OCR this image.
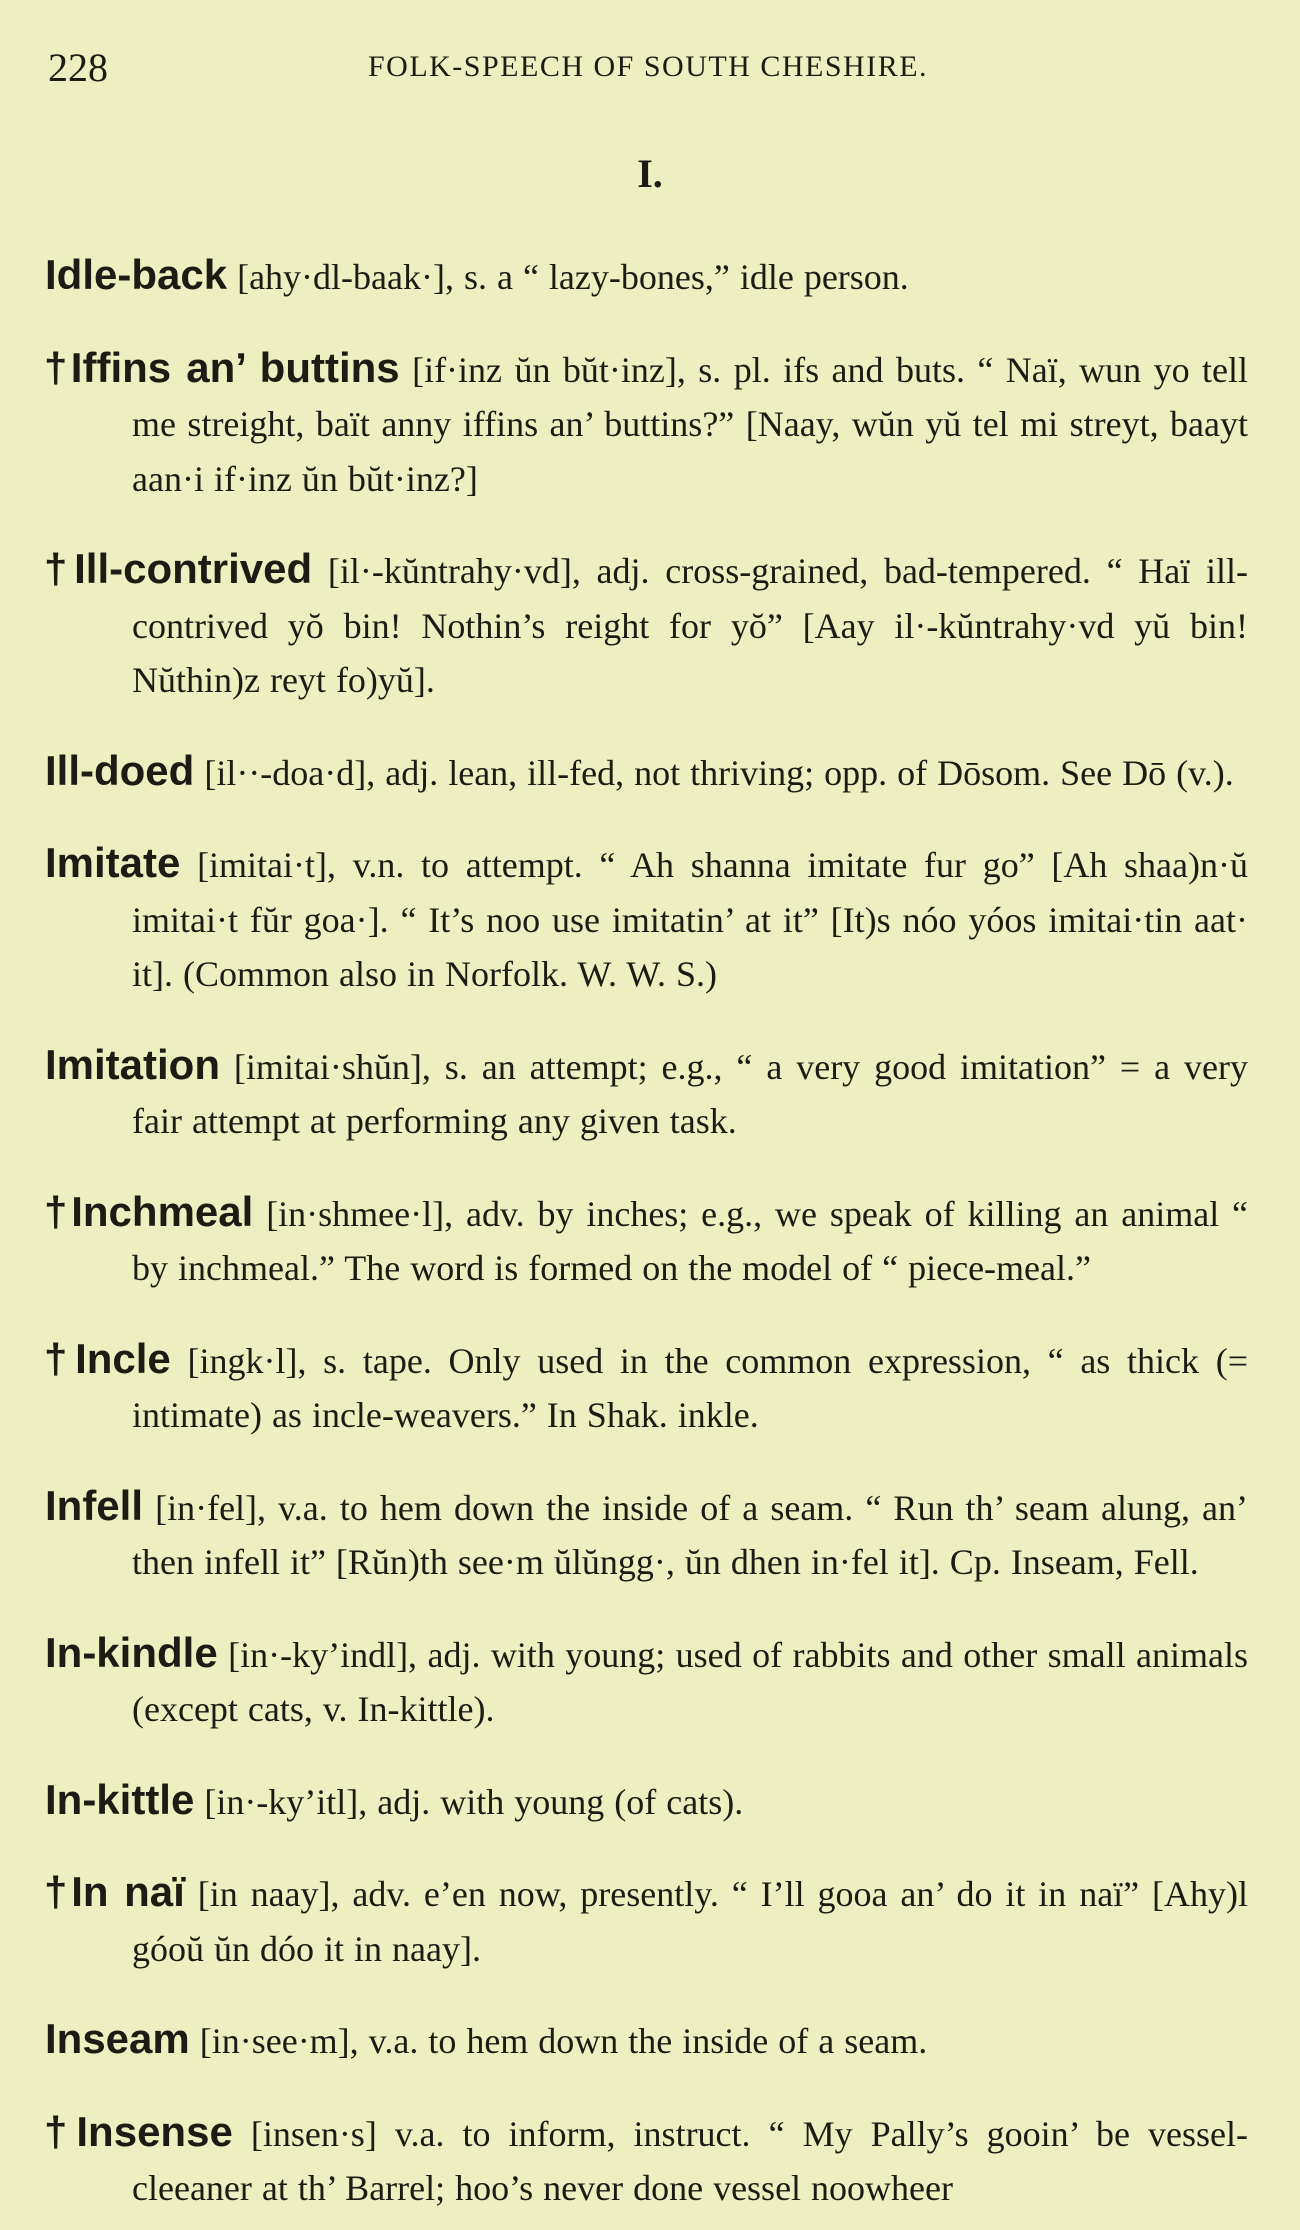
228	FOLK-SPEECH OF SOUTH CHESHIRE.
I.

Idle-back [ahy·dl-baak·], s. a “ lazy-bones,” idle person.

†Iffins an’ buttins [if·inz ŭn bŭt·inz], s. pl. ifs and buts. “ Naï, wun yo tell me streight, baït anny iffins an’ buttins?” [Naay, wŭn yŭ tel mi streyt, baayt aan·i if·inz ŭn bŭt·inz?]

†Ill-contrived [il·-kŭntrahy·vd], adj. cross-grained, bad-tempered. “ Haï ill-contrived yŏ bin! Nothin’s reight for yŏ” [Aay il·-kŭntrahy·vd yŭ bin! Nŭthin)z reyt fo)yŭ].

Ill-doed [il··-doa·d], adj. lean, ill-fed, not thriving; opp. of Dōsom. See Dō (v.).

Imitate [imitai·t], v.n. to attempt. “ Ah shanna imitate fur go” [Ah shaa)n·ŭ imitai·t fŭr goa·]. “ It’s noo use imitatin’ at it” [It)s nóo yóos imitai·tin aat· it]. (Common also in Norfolk. W. W. S.)

Imitation [imitai·shŭn], s. an attempt; e.g., “ a very good imitation” = a very fair attempt at performing any given task.

†Inchmeal [in·shmee·l], adv. by inches; e.g., we speak of killing an animal “ by inchmeal.” The word is formed on the model of “ piece-meal.”

†Incle [ingk·l], s. tape. Only used in the common expression, “ as thick (= intimate) as incle-weavers.” In Shak. inkle.

Infell [in·fel], v.a. to hem down the inside of a seam. “ Run th’ seam alung, an’ then infell it” [Rŭn)th see·m ŭlŭngg·, ŭn dhen in·fel it]. Cp. Inseam, Fell.

In-kindle [in·-ky’indl], adj. with young; used of rabbits and other small animals (except cats, v. In-kittle).

In-kittle [in·-ky’itl], adj. with young (of cats).

†In naï [in naay], adv. e’en now, presently. “ I’ll gooa an’ do it in naï” [Ahy)l góoŭ ŭn dóo it in naay].

Inseam [in·see·m], v.a. to hem down the inside of a seam.

†Insense [insen·s] v.a. to inform, instruct. “ My Pally’s gooin’ be vessel-cleeaner at th’ Barrel; hoo’s never done vessel noowheer
